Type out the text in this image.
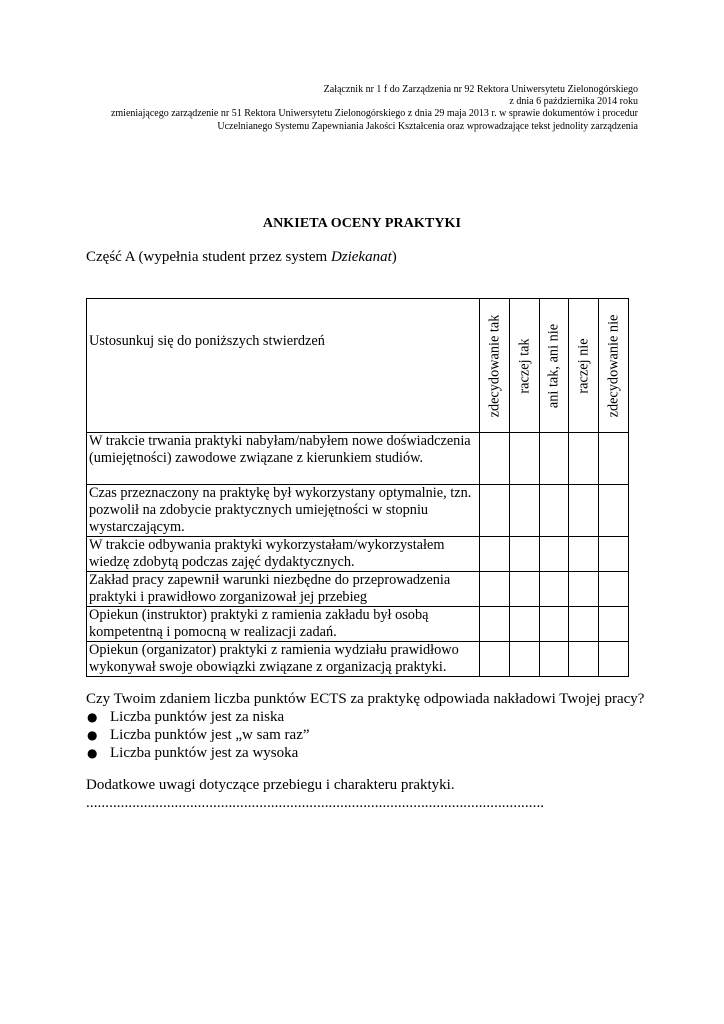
Załącznik nr 1 f do Zarządzenia nr 92 Rektora Uniwersytetu Zielonogórskiego
z dnia 6 października 2014 roku
zmieniającego zarządzenie nr 51 Rektora Uniwersytetu Zielonogórskiego z dnia 29 maja 2013 r. w sprawie dokumentów i procedur
Uczelnianego Systemu Zapewniania Jakości Kształcenia oraz wprowadzające tekst jednolity zarządzenia
ANKIETA OCENY PRAKTYKI
Część A (wypełnia student przez system Dziekanat)
Ustosunkuj się do poniższych stwierdzeń	zdecydowanie tak	raczej tak	ani tak, ani nie	raczej nie	zdecydowanie nie

W trakcie trwania praktyki nabyłam/nabyłem nowe doświadczenia (umiejętności) zawodowe związane z kierunkiem studiów.					
Czas przeznaczony na praktykę był wykorzystany optymalnie, tzn. pozwolił na zdobycie praktycznych umiejętności w stopniu wystarczającym.					
W trakcie odbywania praktyki wykorzystałam/wykorzystałem wiedzę zdobytą podczas zajęć dydaktycznych.					
Zakład pracy zapewnił warunki niezbędne do przeprowadzenia praktyki i prawidłowo zorganizował jej przebieg					
Opiekun (instruktor) praktyki z ramienia zakładu był osobą kompetentną i pomocną w realizacji zadań.					
Opiekun (organizator) praktyki z ramienia wydziału prawidłowo wykonywał swoje obowiązki związane z organizacją praktyki.					
Czy Twoim zdaniem liczba punktów ECTS za praktykę odpowiada nakładowi Twojej pracy?
● Liczba punktów jest za niska
● Liczba punktów jest „w sam raz”
● Liczba punktów jest za wysoka
Dodatkowe uwagi dotyczące przebiegu i charakteru praktyki.
.......................................................................................................................
